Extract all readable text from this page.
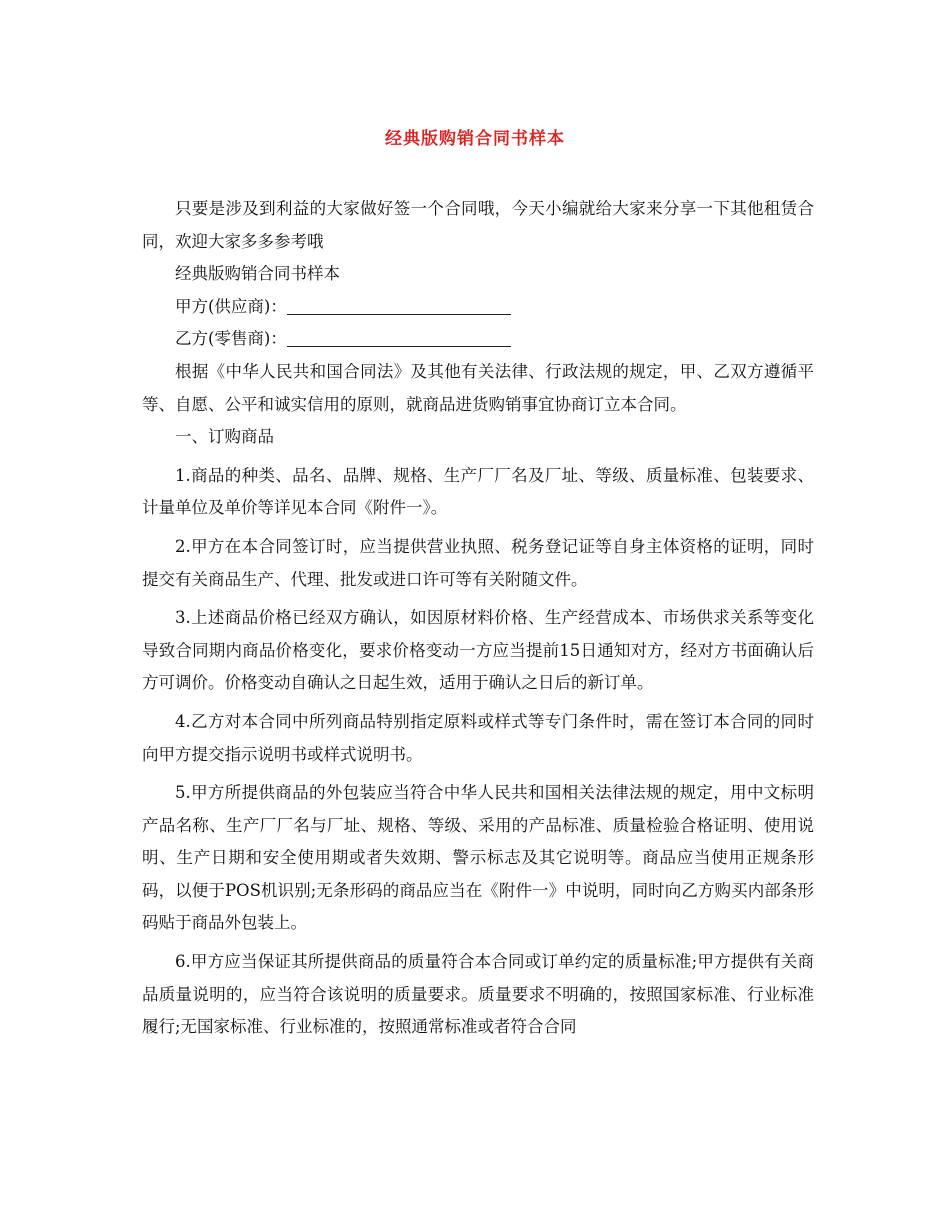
经典版购销合同书样本

只要是涉及到利益的大家做好签一个合同哦，今天小编就给大家来分享一下其他租赁合同，欢迎大家多多参考哦

经典版购销合同书样本

甲方(供应商)：

乙方(零售商)：

根据《中华人民共和国合同法》及其他有关法律、行政法规的规定，甲、乙双方遵循平等、自愿、公平和诚实信用的原则，就商品进货购销事宜协商订立本合同。

一、订购商品

1.商品的种类、品名、品牌、规格、生产厂厂名及厂址、等级、质量标准、包装要求、计量单位及单价等详见本合同《附件一》。

2.甲方在本合同签订时，应当提供营业执照、税务登记证等自身主体资格的证明，同时提交有关商品生产、代理、批发或进口许可等有关附随文件。

3.上述商品价格已经双方确认，如因原材料价格、生产经营成本、市场供求关系等变化导致合同期内商品价格变化，要求价格变动一方应当提前15日通知对方，经对方书面确认后方可调价。价格变动自确认之日起生效，适用于确认之日后的新订单。

4.乙方对本合同中所列商品特别指定原料或样式等专门条件时，需在签订本合同的同时向甲方提交指示说明书或样式说明书。

5.甲方所提供商品的外包装应当符合中华人民共和国相关法律法规的规定，用中文标明产品名称、生产厂厂名与厂址、规格、等级、采用的产品标准、质量检验合格证明、使用说明、生产日期和安全使用期或者失效期、警示标志及其它说明等。商品应当使用正规条形码，以便于POS机识别;无条形码的商品应当在《附件一》中说明，同时向乙方购买内部条形码贴于商品外包装上。

6.甲方应当保证其所提供商品的质量符合本合同或订单约定的质量标准;甲方提供有关商品质量说明的，应当符合该说明的质量要求。质量要求不明确的，按照国家标准、行业标准履行;无国家标准、行业标准的，按照通常标准或者符合合同
